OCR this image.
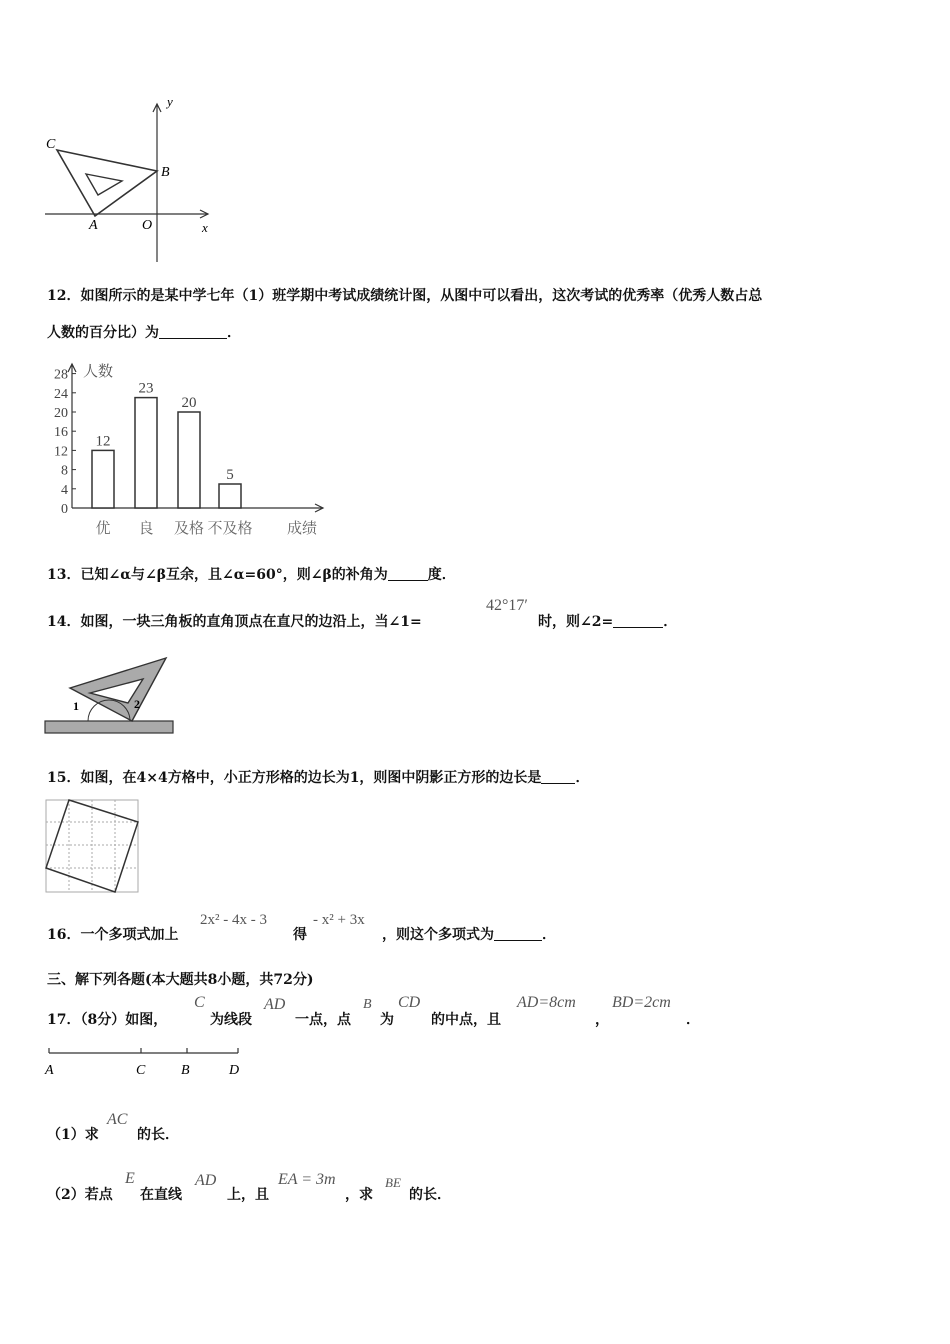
y
C
B
A	O	x
12．如图所示的是某中学七年（1）班学期中考试成绩统计图，从图中可以看出，这次考试的优秀率（优秀人数占总
人数的百分比）为	．
人数
0
4
8
12
16
20
24
28
12
优
23
良
20
及格
5
不及格 成绩
13．已知∠α与∠β互余，且∠α=60°，则∠β的补角为	度．
14．如图，一块三角板的直角顶点在直尺的边沿上，当∠1=
42°17′
时，则∠2=	．
1	2
15．如图，在4×4方格中，小正方形格的边长为1，则图中阴影正方形的边长是 ．
16．一个多项式加上
2x² - 4x - 3
得
- x² + 3x
，则这个多项式为	．
三、解下列各题(本大题共8小题，共72分)
17．（8分）如图，
C
为线段
AD
一点，点
B
为
CD
的中点，且
AD=8cm
，
BD=2cm
．
A	C	B	D
（1）求
AC
的长．
（2）若点
E
在直线
AD
上，且
EA = 3m
，求
BE
的长．
